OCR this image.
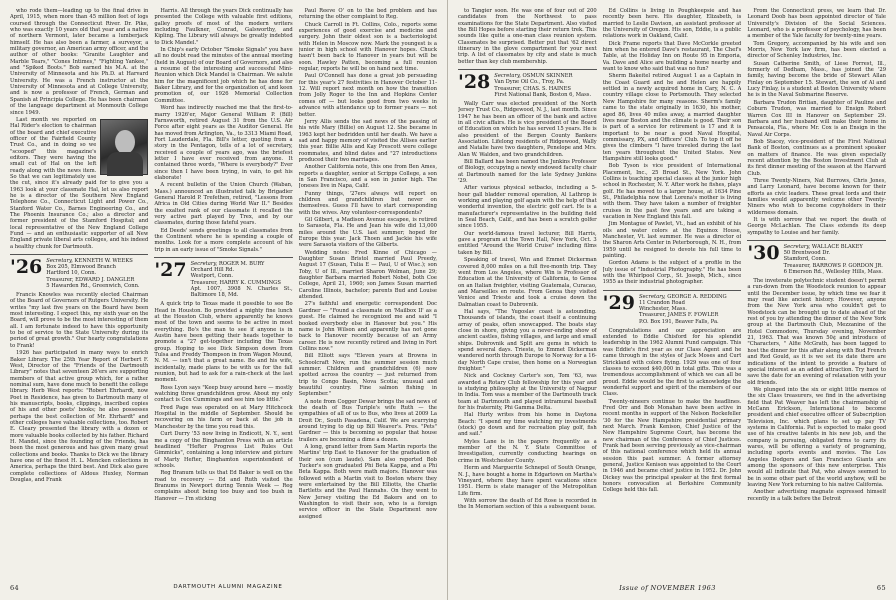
who rode them—leading up to the final drive in April, 1915, when more than 45 million feet of logs coursed through the Connecticut River. Dr. Pike, who was exactly 10 years old that year and a native of northern Vermont, later became a lumberjack himself. He has also been a farmer, a surveyor, a military governor, an American army officer, and the author of other books: "Granite Laughter and Marble Tears," "Cones Intimes," "Fighting Yankee," and "Spiked Boots." Bob earned his M.A. at the University of Minnesota and his Ph.D. at Harvard University. He was a French instructor at the University of Minnesota and at College University, and is now a professor of French, German and Spanish at Principia College. He has been chairman of the language department at Monmouth College since 1949.

Last month we reported on Hal Rider's election to chairman of the board and chief executive officer of the Fairfield County Trust Co., and in doing so we "scooped" this magazine's editors. They were having the small cut of Hal on the left ready along with the news item. So that we can legitimately use the cut, since it's already paid for to give you a 1963 look at your classmate Hal, let us also report he is a director of the Southern New England Telephone Co., Connecticut Light and Power Co., Stanford Water Co., Barnes Engineering Co., and The Phoenix Insurance Co.; also a director and former president of the Stamford Hospital; and local representative of the New England College Fund — and an enthusiastic supporter of all New England private liberal arts colleges, and his indeed a healthy chunk for Dartmouth.

'26 Secretary, KENNETH W. WEEKS
Box 205, Elmwood Branch
Hartford 10, Conn.
Treasurer, EDWARD J. DANGLER
5 Hawarden Rd., Greenwich, Conn.

Francis Knowles was recently elected Chairman of the Board of Governors of Rutgers University. He writes "my last five years on the Board have been most interesting. I expect this, my sixth year on the Board, will prove to be the most interesting of them all. I am fortunate indeed to have this opportunity to be of service to the State University during its period of great growth." Our hearty congratulations to Frank!

1926 has participated in many ways to enrich Baker Library. The 25th Year Report of Herbert F. West, Director of the "Friends of the Dartmouth Library" notes that seventeen 26'ers are supporting members of that active group which, for a rather nominal sum, have done much to benefit the college library. Herb West reports: "Robert Ehrhardt, now Poet in Residence, has given to Dartmouth many of his manuscripts, books, clippings, inscribed copies of his and other poets' books; he also possesses perhaps the best collection of Mr. Ehrhardt" and other colleges have valuable collections, too. Robert E. Cleary presented the library with a dozen or more valuable books collected by his father. Richard H. Mandel, since the founding of the Friends, has been the most generous and has given many great collections and books. Thanks to Dick we the library have one of the finest H. L. Mencken collections in America, perhaps the third best. And Dick also gave complete collections of Aldous Huxley, Norman Douglas, and Frank

Harris. All through the years Dick continually has presented the College with valuable first editions, galley proofs of most of the modern writers including Faulkner, Conrad, Galsworthy, and Kipling. The Library will always be greatly indebted to Dick Mandel."

In Chip's early October "Smoke Signals" you have all no doubt read the minutes of the annual meeting (held in August) of our Board of Governors, and also a resume of the interesting and successful Mini-Reunion which Dick Mandel is Chairman. We salute him for the magnificent job which he has done for Baker Library, and for the organization of, and keen promotion of, our 1926 Memorial Collection Committee.

Word has indirectly reached me that the first-to-marry 1926'er, Major General William P. (Bill) Farnsworth, retired August 31 from the U.S. Air Force after eight years as the Auditor General. He has moved from Arlington, Va., to 3313 Miami Road, Fort Lauderdale, Fla. Bill's letter, quoting from a story in the Pentagon, tells of a lot of secretary, received a couple of years ago, was the briefest letter I have ever received from anyone. It contained three words, "Where is everybody?" Ever since then I have been trying, in vain, to get his elaborate!

A recent bulletin of the Union Church (Waban, Mass.) announced an illustrated talk by Brigadier General Harold P. Trefethen, retired, "Lessons from Africa in Old Cities during World War II." Besides the exalted rank of our classmate it recalled the very active part played by Trex, and by our classmates, during those fateful years.

Ed Deeds' sends greetings to all classmates from the Continent where he is spending a couple of months. Look for a more complete account of his trip in an early issue of "Smoke Signals."

'27 Secretary, ROGER M. BURY
Orchard Hill Rd.
Westport, Conn.
Treasurer, HARRY K. CUMMINGS
Apt. 1007, 3908 N. Charles St., Baltimore 18, Md.

A quick trip to Texas made it possible to see Bo Head in Houston. Bo provided a mighty fine lunch at the Houston Club, where apparently he knows most of the town and seems to be active in most everything. Bo's the man to see if anyone is in Austin have been getting their heads together to promote a "27 get-together including the Texas group. Hoping to see Dick Simpson down from Tulsa and Freddy Thompson in from Wagon Mound, N. M. — isn't that a great name. Bo and his wife, incidentally, made plans to be with us for the fall reunion, but had to ask for a rain-check at the last moment.

Ross Lyon says "Keep busy around here — mostly watching three grandchildren grow. About my only contact is Cox Cummings and see him too little."

Fred Page was operated on at Mary Hitchcock Hospital in the middle of September. Should be recovering on his farm or back at the job in Manchester by the time you read this.

Curt Durry '53 now living in Endicott, N. Y., sent me a copy of the Binghamton Press with an article headlined "Hefter Progress List Rules Out Gimmicks", containing a long interview and picture of Marty Hefter, Binghamton superintendent of schools.

Reg Branum tells us that Ed Baker is well on the road to recovery — Ed and Ruth visited the Branums in Newport during Tennis Week — Reg complains about being too busy and too bush in Hanover — I'm sticking

Paul Reeve O' on to the bed problem and has returning the other complaint to Reg.

Chuck Carroll in Ft. Collins, Colo., reports some experiences of good exercise and medicine and surgery. John their oldest son is a bacteriologist with Helen in Moscow now. Mark the youngest is a junior in high school with Hanover hopes. Chuck hasn't been back to Hanover in years but will be soon. Hawley Patten, becoming a full reunion regular, reports he will be on hand next time.

Paul O'Connell has done a great job persuading for this year's 27 festivities in Hanover October 11-12. Will report next month on how the transition from Jolly Roger to the Inn and Hopkins Center comes off — but looks good from two weeks in advance with attendance up to former years — not better.

Jerry Allis sends the sad news of the passing of his wife Mary (Billie) on August 12. She became in 1963 kept her bedridden until her death. We have a sad and happy memory of visited the Allises earlier this year. Billie Allis and Kay Prescott were college roommates, and blind dates and "27 introductions produced their two marriages.

Another California note, this one from Ben Ames, reports a daughter, senior at Scripps College, a son in San Francisco, and a son in junior high. The Joneses live in Napa, Calif.

Funny things, '27ers always will report on children and grandchildren but never on themselves. Guess I'll have to start corresponding with the wives. Any volunteer-correspondents?

Gil Gilbert, a Madison Avenue escapee, is retired to Sarasota, Fla. He and Jean his wife did 13,000 miles around the U.S. last summer; hoped for Europe this year. Jack Thoen and Jackie his wife were Sarasota visitors of the Gilberts.

Wedding notes: Fred Kinne of Chicago — Daughter Susan Bristol married Paul Preedy, August 17 (Susan, Tulia E — Paul, U of Wisc.); son Toby, U of Ill., married Sharon Wolman, June 29; daughter Barbara married Robert Nobel, both Coe College, April 21, 1960; son James Susan married Caroline Illinois, bachelor; parents Bud and Louise attended.

27's faithful and energetic correspondent Doc Gardner — "Found a classmate on 'Mailbox II' as a guest. He claimed he recognized me and said "I booked everybody else in Hanover but you." His name is John Wilson and apparently has not gone back to Hanover recently because of an Army career. He is now recently retired and living in Fort Collins now."

Bill Elliott says "Eleven years at Browns in Schoolcraft Now, run the summer session much summer. Children and grandchildren (6) now spotted across the country — just returned from trip to Congo Basin, Nova Scotia; unusual and beautiful country. Fine salmon fishing in September."

A note from Cogger Dewar brings the sad news of the death of Bus Turiple's wife Ruth — the sympathies of all of us to Bus, who lives at 2009 La Droit Dr., South Pasadena, Calif. We are scurrying around trying to dig up Bill Weaver's. Pres. "Pets" Gardner — this is becoming so popular that house trailers are becoming a dime a dozen.

A long, grand letter from Sam Martin reports the Martins' trip East to Hanover for the graduation of their son (cum laude). Sam also reported Bob Tucker's son graduated Phi Beta Kappa, and a Phi Beta Kappa. Both were math majors. Hanover was followed with a Martin visit to Boston where they were entertained by the Bill Elliotts, the Charlie Bartletts and the Paul Hannahs. On they went to New Jersey visiting the Ed Bakers and on to Washington to visit their son, who is a foreign service officer in the State Department now assigned

64	DARTMOUTH ALUMNI MAGAZINE

to Tangier soon. He was one of four out of 200 candidates from the Northwest to pass examinations for the State Department. Also visited the Bill Hopes before starting their return trek. This sounds like quite a one-man class reunion system. Classmates be surprised. Better put that '62 direct itinerary in the glove compartment for your next trip. A list of classmates by city and state is much better than key club membership.

'28 Secretary, OSMUN SKINNER
Van Dyne Oil Co., Troy, Pa.
Treasurer, CHAS. S. HAINES
First National Bank, Boston 6, Mass.

Wally Carr was elected president of the North Jersey Trust Co., Ridgewood, N. J., last month. Since 1947 he has been an officer of the bank and active in all civic affairs. He is vice president of the Board of Education on which he has served 15 years. He is also president of the Bergen County Bankers Association. Lifelong residents of Ridgewood, Wally and Natalie have two daughters, Penelope and Mrs. Alan W. Walden, and two grandchildren.

Bill Ballard has been named the Junkins Professor of Biology, occupying a newly endowed faculty chair at Dartmouth named for the late Sydney Junkins '29.

After various physical setbacks, including a 5-hour gall bladder removal operation, Al Lathrop is working and playing golf again with the help of that wonderful invention, the electric golf cart. He is a manufacturer's representative in the building field in Seal Beach, Calif., and has been a scratch golfer since 1955.

Our world-famous travel lecturer, Bill Harris, gave a program at the Town Hall, New York, Oct. 3 entitled "Around the World Cruise" including films taken by Bill.

Speaking of travel, Win and Emmet Dickerman covered 8,000 miles on a full five-month trip. They went from Los Angeles, where Win is Professor of Education at the University of California, to Genoa on an Italian freighter, visiting Guatemala, Curacao, and Marseilles en route. From Genoa they visited Venice and Trieste and took a cruise down the Dalmatian coast to Dubrovnik.

Hal says, "The Yugoslav coast is astounding. Thousands of islands, the coast itself a continuing array of peaks, often snowcapped. The boats stay close in shore, giving you a never-ending show of ancient castles, fishing villages, and large and small ships. Dubrovnik and Split are gems in which to spend several days. Trieste, to Emmet Dickerman wandered north through Europe to Norway for a 16-day North Cape cruise, then home on a Norwegian freighter."

Nick and Cockney Carter's son, Tom '63, was awarded a Rotary Club fellowship for this year and is studying philosophy at the University of Nagpur in India. Tom was a member of the Dartmouth track team at Dartmouth and played intramural baseball for his fraternity, Phi Gamma Delta.

Hal Hurty writes from his home in Daytona Beach: "I spend my time watching my investments (stock) go down and for recreation play golf, fish and sail."

Myles Lane is in the papers frequently as a member of the N. Y. State Committee of Investigation, currently conducting hearings on crime in Westchester County.

Herm and Marguerite Schnepel of South Orange, N. J., have bought a home in Edgartown on Martha's Vineyard, where they have spent vacations since 1951. Herm is state manager of the Metropolitan Life firm.

With sorrow the death of Ed Rose is recorded in the In Memoriam section of this a subsequent issue.

Ed Collins is living in Poughkeepsie and has recently been here. His daughter, Elizabeth, is married to Leslie Davison, an assistant professor at the University of Oregon. His son, Eddie, is a public relations work in Oakland, Calif.

Dick Frame reports that Dave McCorkle greeted him when he entered Dave's restaurant, The Chef's Table, at the Holiday Inn on Route 95 in Emporia, Va. Dave and Alice are building a home nearby and want to know who said that was no fun?

Sherm Bakeitel retired August 1 as a Captain in the Coast Guard and he and Helen are happily settled in a newly acquired home in Cary, N. C. A country village close to Portsmouth. They selected New Hampshire for many reasons. Sherm's family came to the state originally in 1630, his mother, aged 86, lives 40 miles away, a married daughter lives near Boston and the climate is good. Their son is part of a service for retirement is 17 and it is important to be near a good Naval Hospital, commissary, PX, and Officers' Club. To top it off he gives the climbers "I have traveled during the last ten years throughout the United States. New Hampshire still looks good."

Bob Tyson is vice president of International Placement, Inc., 25 Broad St., New York. John Collins is teaching special classes at the junior high school in Rochester, N. Y. After work he fishes, plays golf. He has moved to a larger house, at 1634 Pine St., Philadelphia now that Lorena's mother is living with them. They have taken a number of freighter cruises in the past few years and are taking a vacation in New England this fall.

Jim Montague of Pawlet, Vt., had an exhibit of his oils and water colors at the Equinox House, Manchester, Vt. last summer. He was a director of the Sharon Arts Center in Peterborough, N. H., from 1959 until he resigned to devote his full time to painting.

Gordon Adams is the subject of a profile in the July issue of "Industrial Photography." He has been with the Whirlpool Corp., St. Joseph, Mich., since 1955 as their industrial photographer.

'29 Secretary, GEORGE A. REDDING
11 Crandon Road
Winchester, Mass.
Treasurer, JAMES F. FOWLER
P.O. Box 191, Beaver Falls, Pa.

Congratulations and our appreciation are extended to Eddie Chisford for his splendid leadership in the 1962 Alumni Fund campaign. This was Eddie's first year as our Class Agent and he came through in the styles of Jack Moses and Curt Strickland with colors flying. 1929 was one of four classes to exceed $40,000 in total gifts. This was a tremendous accomplishment of which we can all be proud. Eddie would be the first to acknowledge the wonderful support and spirit of the members of our Class.

Twenty-nineers continue to make the headlines. Fred Orr and Bob Monahan have been active in recent months in support of the Nelson Rockefeller '30 for the New Hampshire presidential primary next March. Frank Kenison, Chief Justice of the New Hampshire Supreme Court, has become the new chairman of the Conference of Chief Justices. Frank had been serving previously as vice-chairman of this national conference which held its annual session this past summer. A former attorney general, Justice Kenison was appointed to the Court in 1946 and became chief justice in 1952. Dr. John Dickey was the principal speaker at the first formal honors convocation at Berkshire Community College held this fall.

From the Connecticut press, we learn that Dr. Leonard Doob has been appointed director of Yale University's Division of the Social Sciences. Leonard, who is a professor of psychology, has been a member of the Yale faculty for twenty-nine years.

Tom Gregory, accompanied by his wife and son Morris, New York law firm, has been elected a director of Schenley Industries, Inc.

Susan Catherine Smith, of Liese Forrest, Ill., formerly of Dedham, Mass., has joined the '29 family, having become the bride of Stewart Allan Finlay on September 15. Stewart, the son of Al and Lucy Finlay, is a student at Boston University where he is in the Naval Submarine Reserve.

Barbara Trudon Britian, daughter of Pauline and Coburn Trudon, was married to Ensign Robert Warren Cox III in Hanover on September 29. Barbara and her husband will make their home in Pensacola, Fla., where Mr. Cox is an Ensign in the Naval Air Corps.

Bob Stacey, vice-president of the First National Bank of Boston, continues as a prominent speaker on matters of finance. He was given especially recent attention by the Boston Investment Club at its first dinner meeting of the season at the Harvard Club.

Three Twenty-Niners, Nat Burrows, Chris Jones, and Larry Leonard, have become known for their efforts as civic leaders. These great lords and their families would apparently welcome other Twenty-Niners who wish to become copyholders in their wilderness domain.

It is with sorrow that we report the death of George McLachlan. The Class extends its deep sympathy to Louise and her family.

'30 Secretary, WALLACE BLAKEY
50 Brentwood Dr.
Stamford, Conn.
Treasurer, BARROWS P. GORDON JR.
6 Emerson Rd., Wellesley Hills, Mass.

The inveterate polytechnic student doesn't permit a run-down from the Woodstock reunion to appear until the December issue, by which time we fear it may read like ancient history. However, anyone from the New York area who couldn't get to Woodstock can be brought up to date ahead of the rest of you by attending the dinner of the New York group at the Dartmouth Club, Mezzanine of the Hotel Commodore, Thursday evening, November 21, 1963. That was known 50¢ and introduce of "Characters, " Alfie McGrath, has been tagged to host the dinner for this affair along with Bud French and Red Gould, as it is we set its date there are indications of the intent to provide a feature of special interest as an added attraction. Try hard to save the date for an evening of relaxation with your old friends.

We plunged into the six or eight little memos of the six Class treasurers, we find in the advertising field that Pat Weaver has left the chairmanship of McCann Erickson, International to become president and chief executive officer of Subscription Television, Inc. which plans to set up pay TV systems in California. Pat is expected to make good use of his creative talents in his new job, and the company is pursuing, obligated firms to carry its wares, will be offering a variety of programing, including sports events and movies. The Los Angeles Dodgers and San Francisco Giants are among the sponsors of this new enterprise. This would all indicate that Pat, who always seemed to be in some other part of the world anyhow, will be leaving New York returning to his native California.

Another advertising magnate expressed himself recently in a talk before the Detroit

Issue of NOVEMBER 1963	65
